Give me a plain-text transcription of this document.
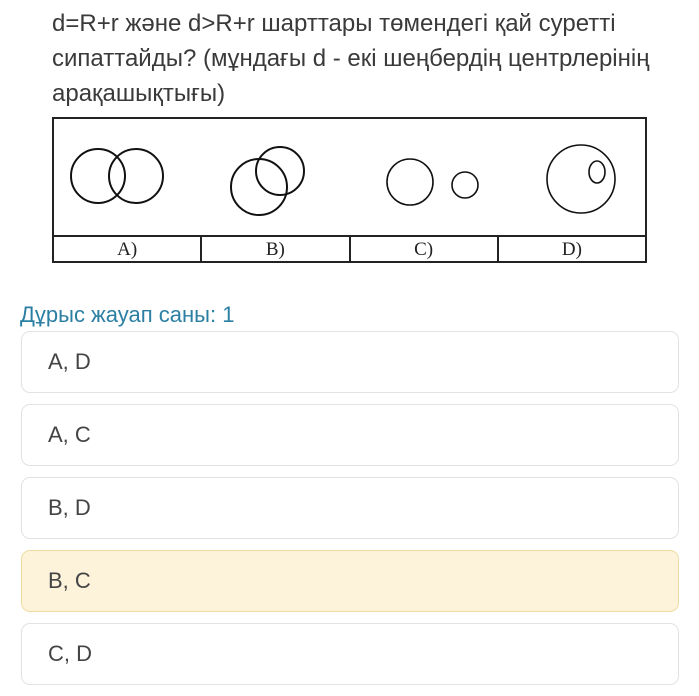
d=R+r және d>R+r шарттары төмендегі қай суретті сипаттайды? (мұндағы d - екі шеңбердің центрлерінің арақашықтығы)
A)	B)	C)	D)
Дұрыс жауап саны: 1
A, D
A, C
B, D
B, C
C, D
